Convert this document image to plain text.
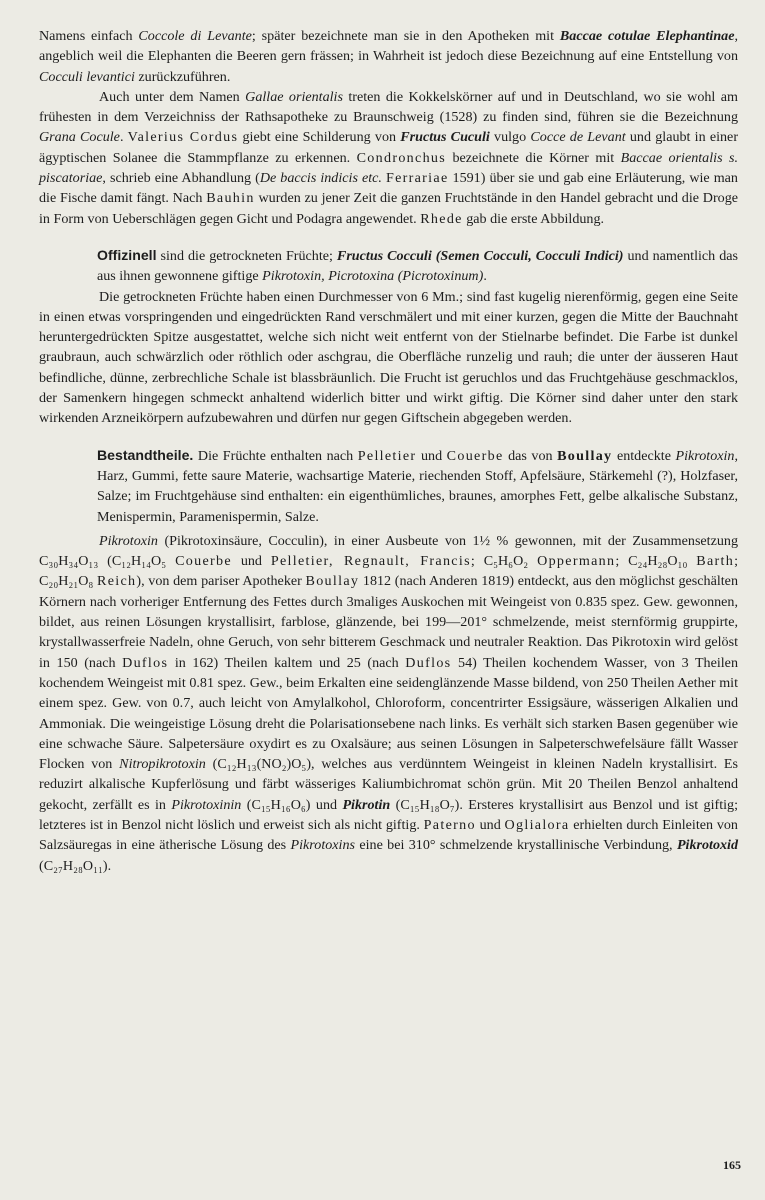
Namens einfach Coccole di Levante; später bezeichnete man sie in den Apotheken mit Baccae cotulae Elephantinae, angeblich weil die Elephanten die Beeren gern frässen; in Wahrheit ist jedoch diese Bezeichnung auf eine Entstellung von Cocculi levantici zurückzuführen.

Auch unter dem Namen Gallae orientalis treten die Kokkelskörner auf und in Deutschland, wo sie wohl am frühesten in dem Verzeichniss der Rathsapotheke zu Braunschweig (1528) zu finden sind, führen sie die Bezeichnung Grana Cocule. Valerius Cordus giebt eine Schilderung von Fructus Cuculi vulgo Cocce de Levant und glaubt in einer ägyptischen Solanee die Stammpflanze zu erkennen. Condronchus bezeichnete die Körner mit Baccae orientalis s. piscatoriae, schrieb eine Abhandlung (De baccis indicis etc. Ferrariae 1591) über sie und gab eine Erläuterung, wie man die Fische damit fängt. Nach Bauhin wurden zu jener Zeit die ganzen Fruchtstände in den Handel gebracht und die Droge in Form von Ueberschlägen gegen Gicht und Podagra angewendet. Rhede gab die erste Abbildung.

Offizinell sind die getrockneten Früchte; Fructus Cocculi (Semen Cocculi, Cocculi Indici) und namentlich das aus ihnen gewonnene giftige Pikrotoxin, Picrotoxina (Picrotoxinum).

Die getrockneten Früchte haben einen Durchmesser von 6 Mm.; sind fast kugelig nierenförmig, gegen eine Seite in einen etwas vorspringenden und eingedrückten Rand verschmälert und mit einer kurzen, gegen die Mitte der Bauchnaht heruntergedrückten Spitze ausgestattet, welche sich nicht weit entfernt von der Stielnarbe befindet. Die Farbe ist dunkel graubraun, auch schwärzlich oder röthlich oder aschgrau, die Oberfläche runzelig und rauh; die unter der äusseren Haut befindliche, dünne, zerbrechliche Schale ist blassbräunlich. Die Frucht ist geruchlos und das Fruchtgehäuse geschmacklos, der Samenkern hingegen schmeckt anhaltend widerlich bitter und wirkt giftig. Die Körner sind daher unter den stark wirkenden Arzneikörpern aufzubewahren und dürfen nur gegen Giftschein abgegeben werden.

Bestandtheile. Die Früchte enthalten nach Pelletier und Couerbe das von Boullay entdeckte Pikrotoxin, Harz, Gummi, fette saure Materie, wachsartige Materie, riechenden Stoff, Apfelsäure, Stärkemehl (?), Holzfaser, Salze; im Fruchtgehäuse sind enthalten: ein eigenthümliches, braunes, amorphes Fett, gelbe alkalische Substanz, Menispermin, Paramenispermin, Salze.

Pikrotoxin (Pikrotoxinsäure, Cocculin), in einer Ausbeute von 1½ % gewonnen, mit der Zusammensetzung C₃₀H₃₄O₁₃ (C₁₂H₁₄O₅ Couerbe und Pelletier, Regnault, Francis; C₅H₆O₂ Oppermann; C₂₄H₂₈O₁₀ Barth; C₂₀H₂₁O₈ Reich), von dem pariser Apotheker Boullay 1812 (nach Anderen 1819) entdeckt, aus den möglichst geschälten Körnern nach vorheriger Entfernung des Fettes durch 3maliges Auskochen mit Weingeist von 0.835 spez. Gew. gewonnen, bildet, aus reinen Lösungen krystallisirt, farblose, glänzende, bei 199—201° schmelzende, meist sternförmig gruppirte, krystallwasserfreie Nadeln, ohne Geruch, von sehr bitterem Geschmack und neutraler Reaktion. Das Pikrotoxin wird gelöst in 150 (nach Duflos in 162) Theilen kaltem und 25 (nach Duflos 54) Theilen kochendem Wasser, von 3 Theilen kochendem Weingeist mit 0.81 spez. Gew., beim Erkalten eine seidenglänzende Masse bildend, von 250 Theilen Aether mit einem spez. Gew. von 0.7, auch leicht von Amylalkohol, Chloroform, concentrirter Essigsäure, wässerigen Alkalien und Ammoniak. Die weingeistige Lösung dreht die Polarisationsebene nach links. Es verhält sich starken Basen gegenüber wie eine schwache Säure. Salpetersäure oxydirt es zu Oxalsäure; aus seinen Lösungen in Salpeterschwefelsäure fällt Wasser Flocken von Nitropikrotoxin (C₁₂H₁₃(NO₂)O₅), welches aus verdünntem Weingeist in kleinen Nadeln krystallisirt. Es reduzirt alkalische Kupferlösung und färbt wässeriges Kaliumbichromat schön grün. Mit 20 Theilen Benzol anhaltend gekocht, zerfällt es in Pikrotoxinin (C₁₅H₁₆O₆) und Pikrotin (C₁₅H₁₈O₇). Ersteres krystallisirt aus Benzol und ist giftig; letzteres ist in Benzol nicht löslich und erweist sich als nicht giftig. Paterno und Oglialora erhielten durch Einleiten von Salzsäuregas in eine ätherische Lösung des Pikrotoxins eine bei 310° schmelzende krystallinische Verbindung, Pikrotoxid (C₂₇H₂₈O₁₁).

165
